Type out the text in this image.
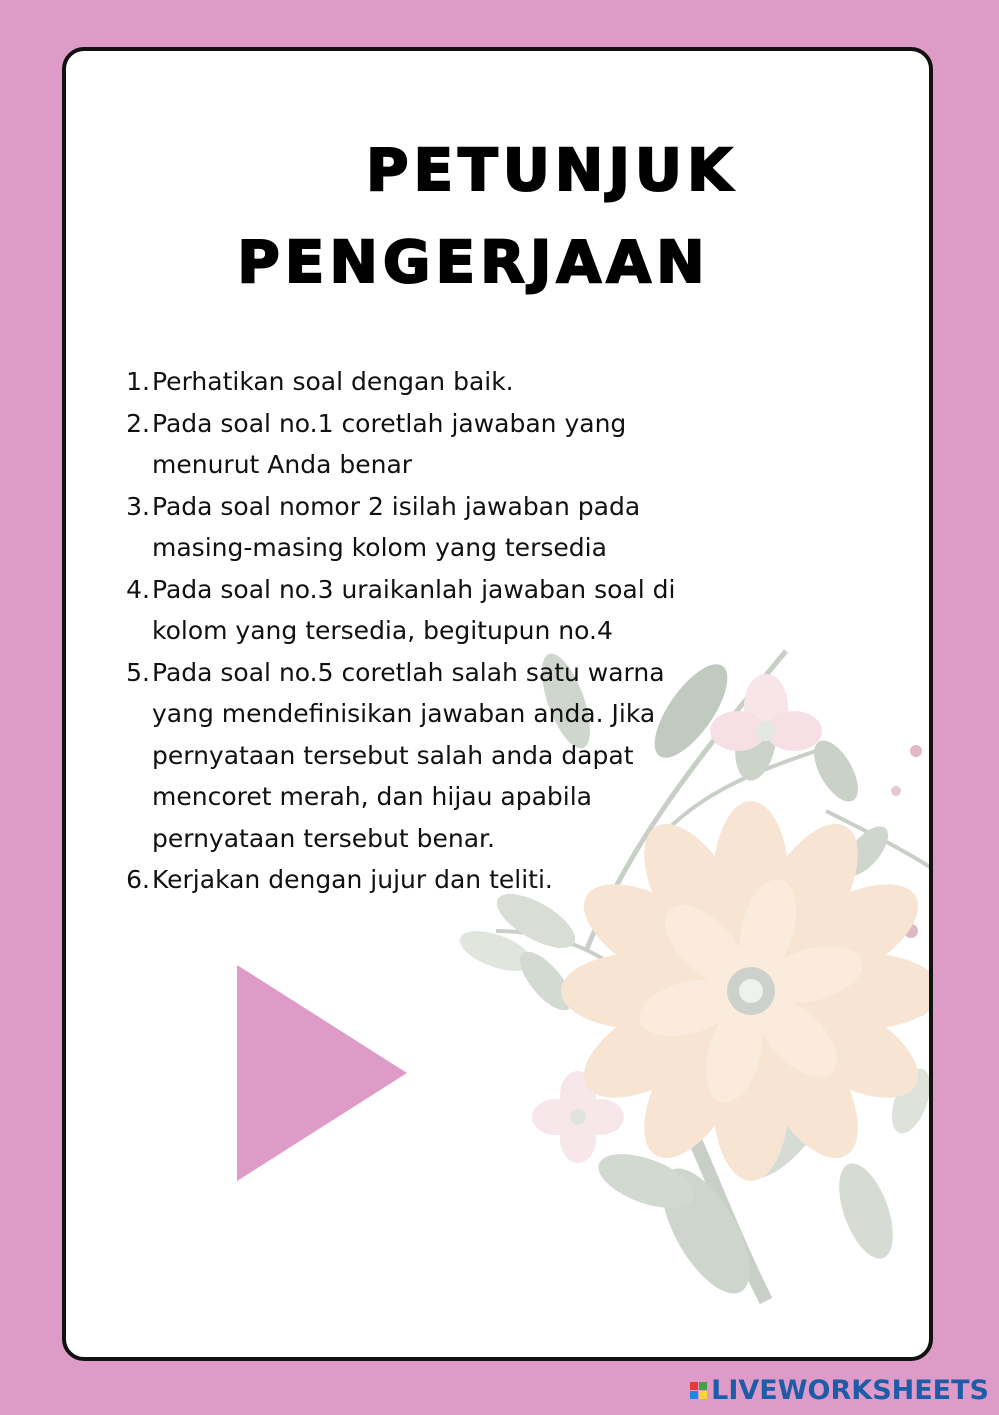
PETUNJUK
PENGERJAAN
1. Perhatikan soal dengan baik.
2. Pada soal no.1 coretlah jawaban yang menurut Anda benar
3. Pada soal nomor 2 isilah jawaban pada masing-masing kolom yang tersedia
4. Pada soal no.3 uraikanlah jawaban soal di kolom yang tersedia, begitupun no.4
5. Pada soal no.5 coretlah salah satu warna yang mendefinisikan jawaban anda. Jika pernyataan tersebut salah anda dapat mencoret merah, dan hijau apabila pernyataan tersebut benar.
6. Kerjakan dengan jujur dan teliti.
LIVEWORKSHEETS
